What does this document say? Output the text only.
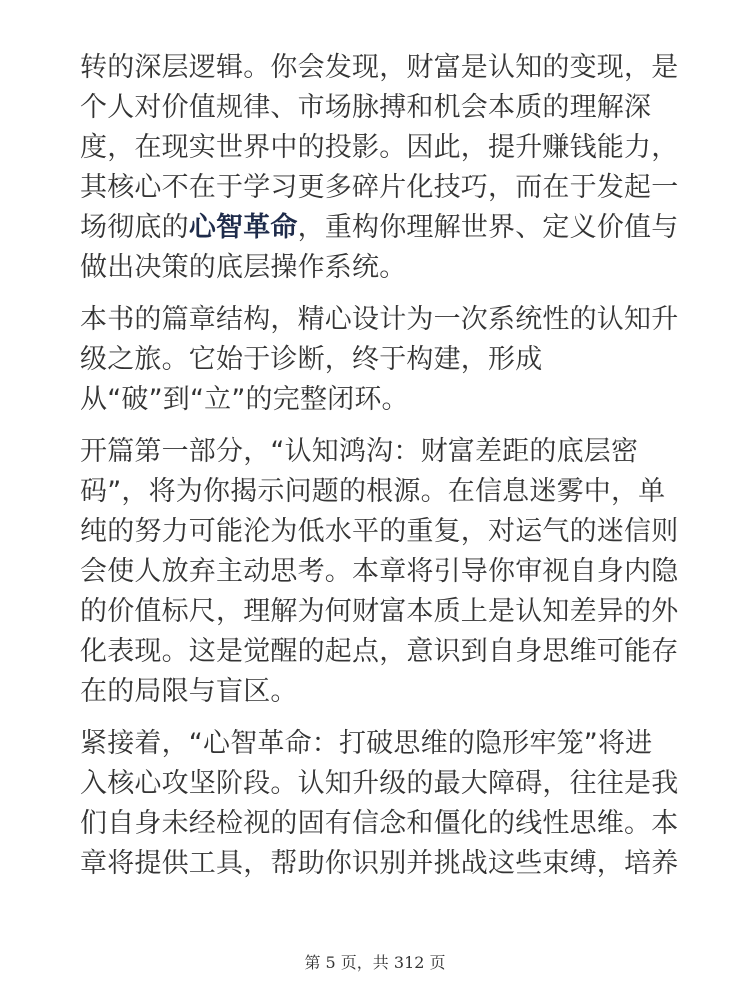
转的深层逻辑。你会发现，财富是认知的变现，是
个人对价值规律、市场脉搏和机会本质的理解深
度，在现实世界中的投影。因此，提升赚钱能力，
其核心不在于学习更多碎片化技巧，而在于发起一
场彻底的心智革命，重构你理解世界、定义价值与
做出决策的底层操作系统。
本书的篇章结构，精心设计为一次系统性的认知升
级之旅。它始于诊断，终于构建，形成
从“破”到“立”的完整闭环。
开篇第一部分，“认知鸿沟：财富差距的底层密
码”，将为你揭示问题的根源。在信息迷雾中，单
纯的努力可能沦为低水平的重复，对运气的迷信则
会使人放弃主动思考。本章将引导你审视自身内隐
的价值标尺，理解为何财富本质上是认知差异的外
化表现。这是觉醒的起点，意识到自身思维可能存
在的局限与盲区。
紧接着，“心智革命：打破思维的隐形牢笼”将进
入核心攻坚阶段。认知升级的最大障碍，往往是我
们自身未经检视的固有信念和僵化的线性思维。本
章将提供工具，帮助你识别并挑战这些束缚，培养
第 5 页，共 312 页
